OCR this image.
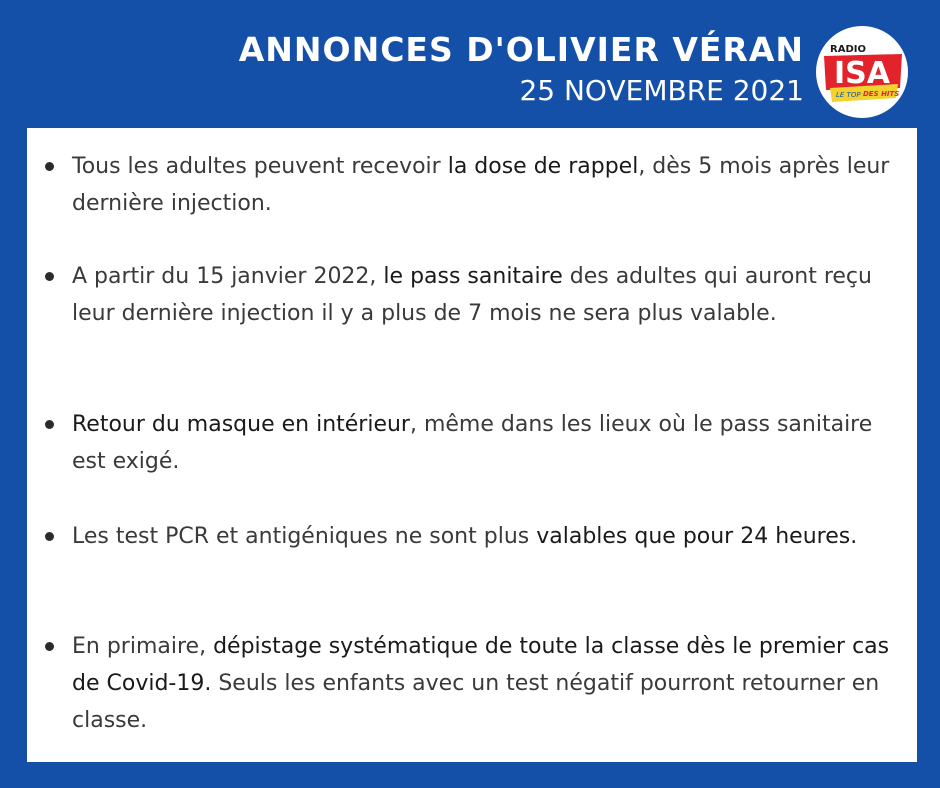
ANNONCES D'OLIVIER VÉRAN
25 NOVEMBRE 2021
RADIO
ISA
LE TOP DES HITS
Tous les adultes peuvent recevoir la dose de rappel, dès 5 mois après leur dernière injection.
A partir du 15 janvier 2022, le pass sanitaire des adultes qui auront reçu leur dernière injection il y a plus de 7 mois ne sera plus valable.
Retour du masque en intérieur, même dans les lieux où le pass sanitaire est exigé.
Les test PCR et antigéniques ne sont plus valables que pour 24 heures.
En primaire, dépistage systématique de toute la classe dès le premier cas de Covid-19. Seuls les enfants avec un test négatif pourront retourner en classe.
